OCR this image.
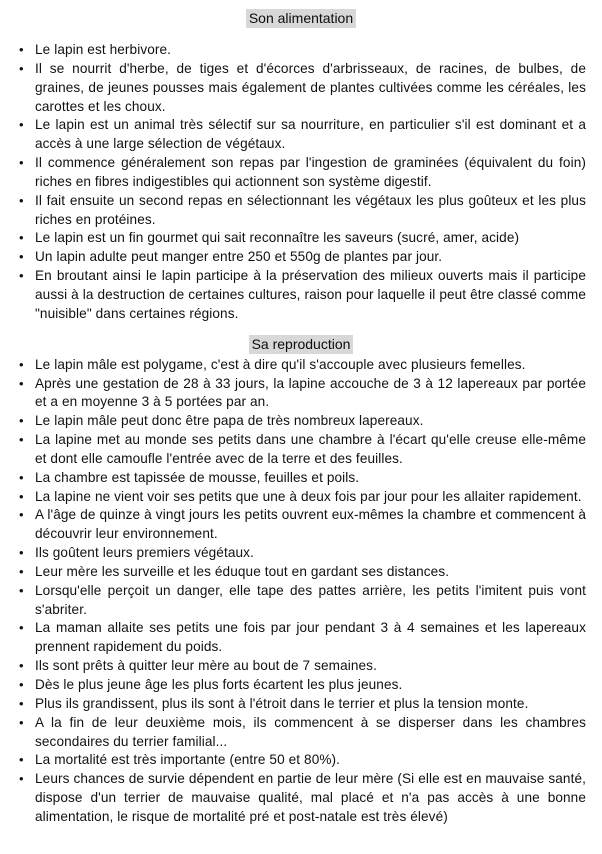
Son alimentation
• Le lapin est herbivore.
• Il se nourrit d'herbe, de tiges et d'écorces d'arbrisseaux, de racines, de bulbes, de graines, de jeunes pousses mais également de plantes cultivées comme les céréales, les carottes et les choux.
• Le lapin est un animal très sélectif sur sa nourriture, en particulier s'il est dominant et a accès à une large sélection de végétaux.
• Il commence généralement son repas par l'ingestion de graminées (équivalent du foin) riches en fibres indigestibles qui actionnent son système digestif.
• Il fait ensuite un second repas en sélectionnant les végétaux les plus goûteux et les plus riches en protéines.
• Le lapin est un fin gourmet qui sait reconnaître les saveurs (sucré, amer, acide)
• Un lapin adulte peut manger entre 250 et 550g de plantes par jour.
• En broutant ainsi le lapin participe à la préservation des milieux ouverts mais il participe aussi à la destruction de certaines cultures, raison pour laquelle il peut être classé comme "nuisible" dans certaines régions.
Sa reproduction
• Le lapin mâle est polygame, c'est à dire qu'il s'accouple avec plusieurs femelles.
• Après une gestation de 28 à 33 jours, la lapine accouche de 3 à 12 lapereaux par portée et a en moyenne 3 à 5 portées par an.
• Le lapin mâle peut donc être papa de très nombreux lapereaux.
• La lapine met au monde ses petits dans une chambre à l'écart qu'elle creuse elle-même et dont elle camoufle l'entrée avec de la terre et des feuilles.
• La chambre est tapissée de mousse, feuilles et poils.
• La lapine ne vient voir ses petits que une à deux fois par jour pour les allaiter rapidement.
• A l'âge de quinze à vingt jours les petits ouvrent eux-mêmes la chambre et commencent à découvrir leur environnement.
• Ils goûtent leurs premiers végétaux.
• Leur mère les surveille et les éduque tout en gardant ses distances.
• Lorsqu'elle perçoit un danger, elle tape des pattes arrière, les petits l'imitent puis vont s'abriter.
• La maman allaite ses petits une fois par jour pendant 3 à 4 semaines et les lapereaux prennent rapidement du poids.
• Ils sont prêts à quitter leur mère au bout de 7 semaines.
• Dès le plus jeune âge les plus forts écartent les plus jeunes.
• Plus ils grandissent, plus ils sont à l'étroit dans le terrier et plus la tension monte.
• A la fin de leur deuxième mois, ils commencent à se disperser dans les chambres secondaires du terrier familial...
• La mortalité est très importante (entre 50 et 80%).
• Leurs chances de survie dépendent en partie de leur mère (Si elle est en mauvaise santé, dispose d'un terrier de mauvaise qualité, mal placé et n'a pas accès à une bonne alimentation, le risque de mortalité pré et post-natale est très élevé)
